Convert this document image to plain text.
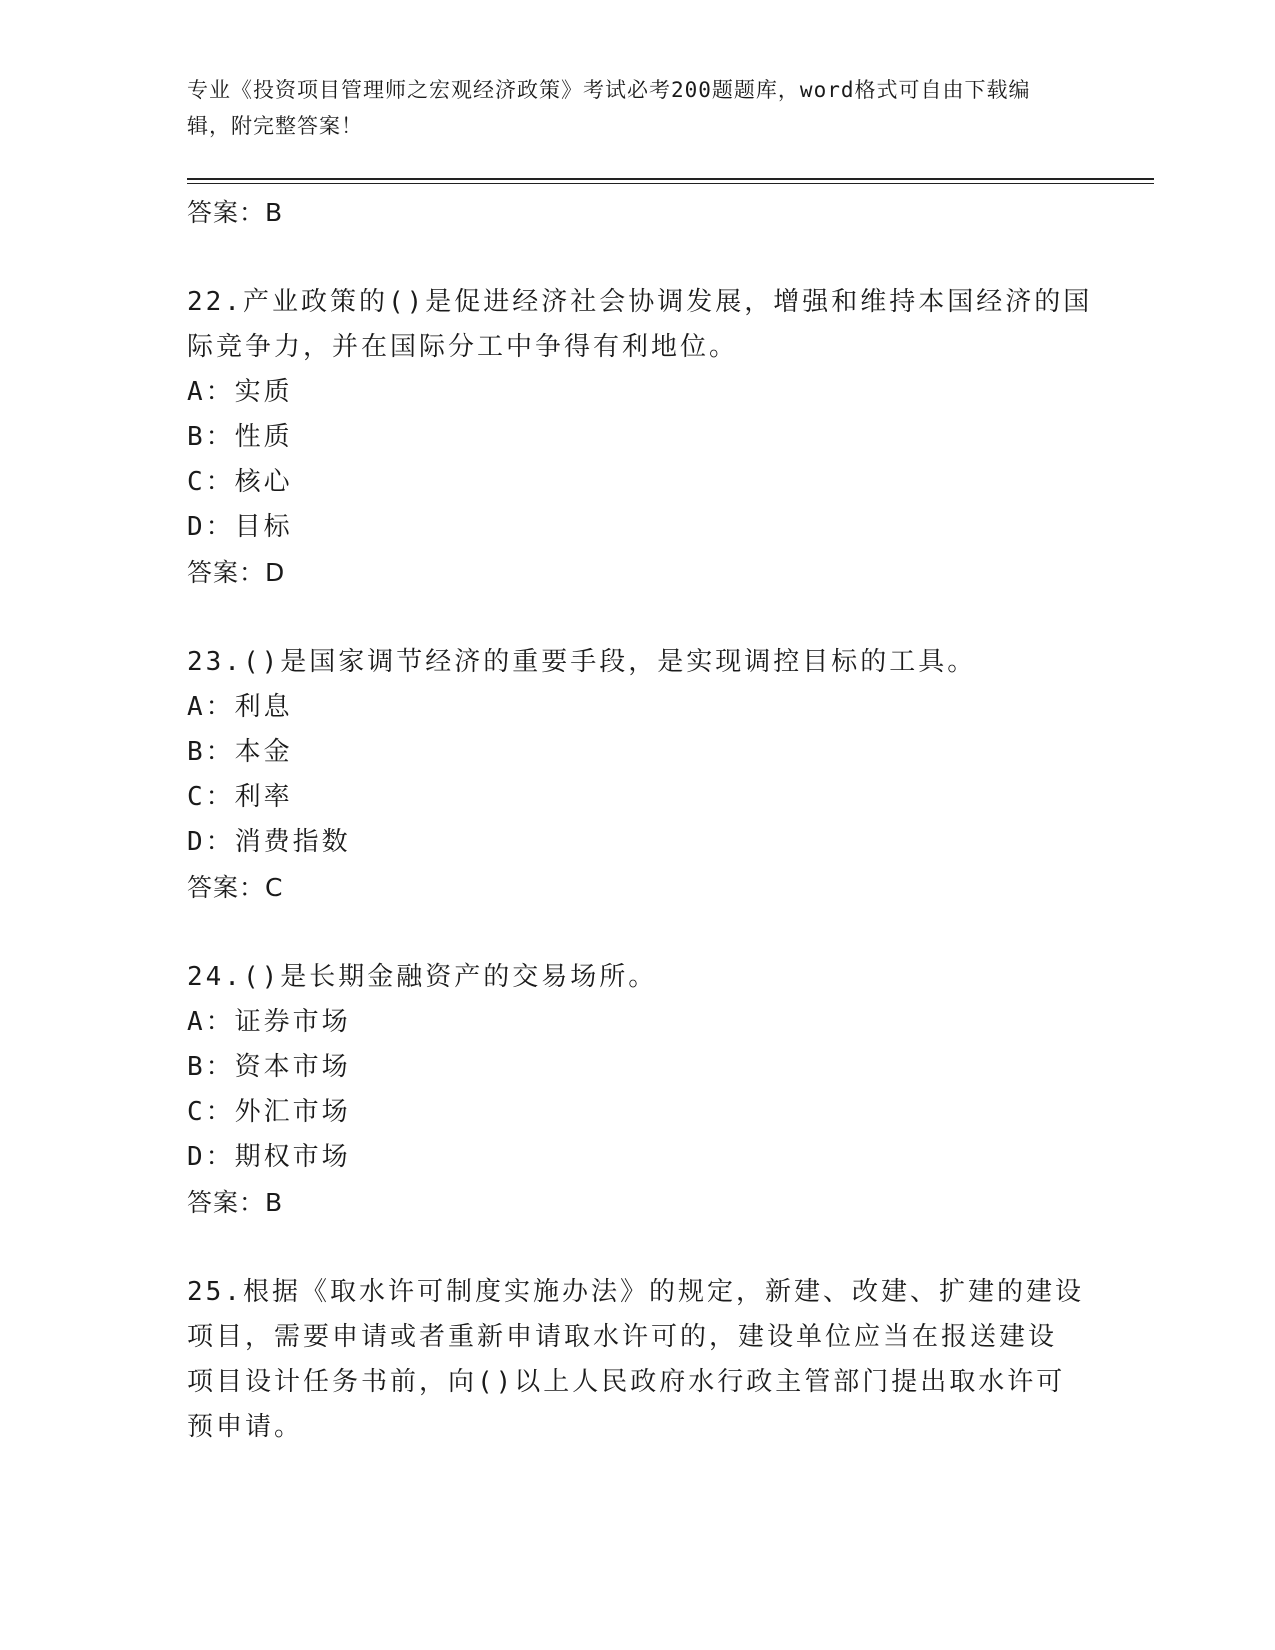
专业《投资项目管理师之宏观经济政策》考试必考200题题库，word格式可自由下载编辑，附完整答案！
答案：B
22.产业政策的()是促进经济社会协调发展，增强和维持本国经济的国
际竞争力，并在国际分工中争得有利地位。
A：实质
B：性质
C：核心
D：目标
答案：D
23.()是国家调节经济的重要手段，是实现调控目标的工具。
A：利息
B：本金
C：利率
D：消费指数
答案：C
24.()是长期金融资产的交易场所。
A：证券市场
B：资本市场
C：外汇市场
D：期权市场
答案：B
25.根据《取水许可制度实施办法》的规定，新建、改建、扩建的建设
项目，需要申请或者重新申请取水许可的，建设单位应当在报送建设
项目设计任务书前，向()以上人民政府水行政主管部门提出取水许可
预申请。
